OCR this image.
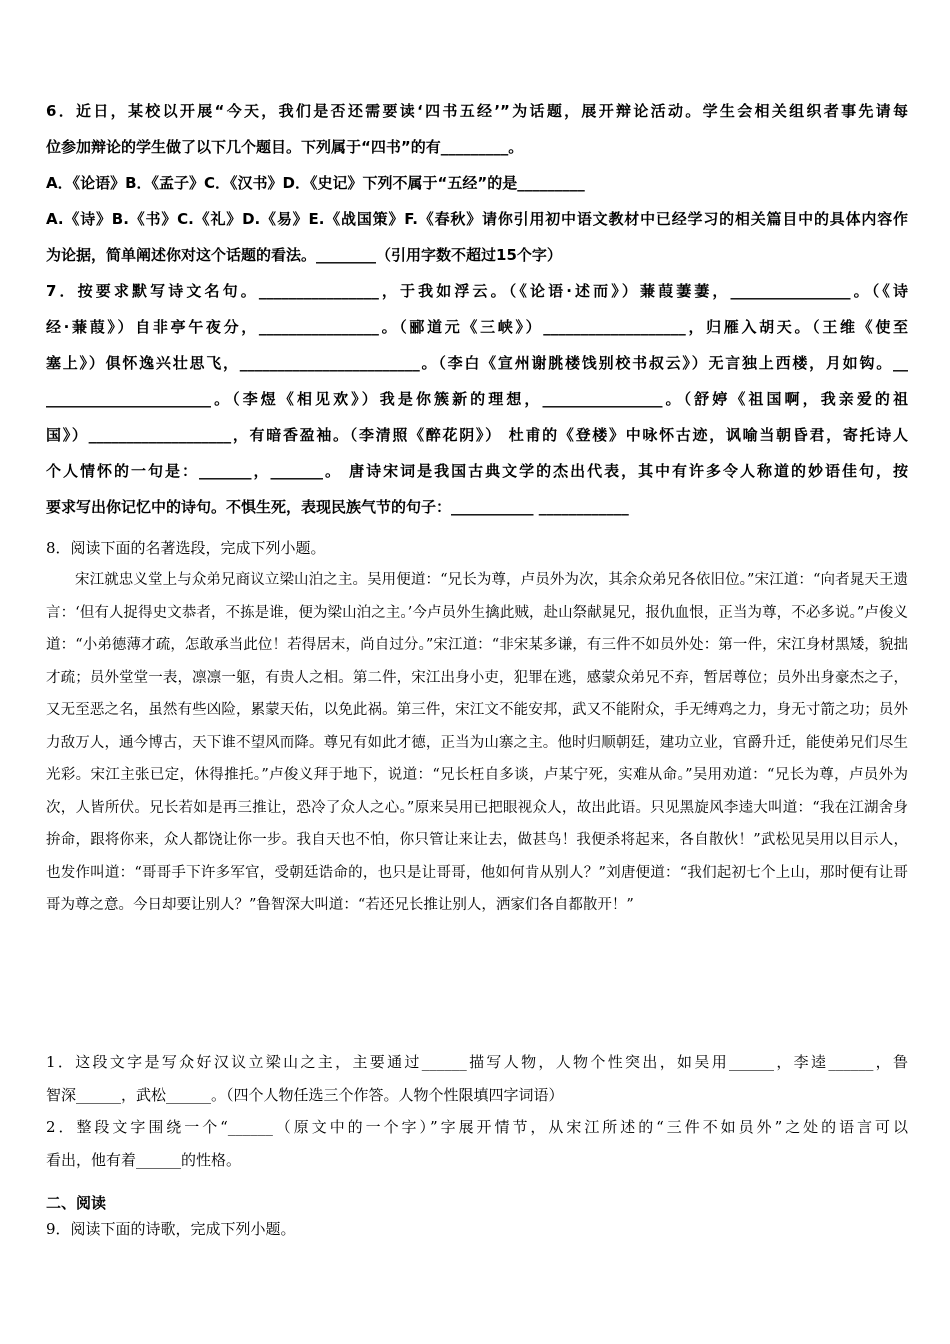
6．近日，某校以开展“今天，我们是否还需要读‘四书五经’”为话题，展开辩论活动。学生会相关组织者事先请每
位参加辩论的学生做了以下几个题目。下列属于“四书”的有_________。
A．《论语》B．《孟子》C．《汉书》D．《史记》下列不属于“五经”的是_________
A.《诗》B.《书》C.《礼》D.《易》E.《战国策》F.《春秋》请你引用初中语文教材中已经学习的相关篇目中的具体内容作
为论据，简单阐述你对这个话题的看法。________（引用字数不超过15个字）
7．按要求默写诗文名句。________________，于我如浮云。（《论语·述而》）蒹葭萋萋，________________。（《诗
经·蒹葭》）自非亭午夜分，________________。（郦道元《三峡》）___________________，归雁入胡天。（王维《使至
塞上》）俱怀逸兴壮思飞，________________________。（李白《宣州谢朓楼饯别校书叔云》）无言独上西楼，月如钩。__
______________________。（李煜《相见欢》）我是你簇新的理想，________________。（舒婷《祖国啊，我亲爱的祖
国》）___________________，有暗香盈袖。（李清照《醉花阴》） 杜甫的《登楼》中咏怀古迹，讽喻当朝昏君，寄托诗人
个人情怀的一句是：_______，_______。 唐诗宋词是我国古典文学的杰出代表，其中有许多令人称道的妙语佳句，按
要求写出你记忆中的诗句。不惧生死，表现民族气节的句子：___________ ____________
8．阅读下面的名著选段，完成下列小题。

宋江就忠义堂上与众弟兄商议立梁山泊之主。吴用便道：“兄长为尊，卢员外为次，其余众弟兄各依旧位。”宋江道：“向者晁天王遗言：‘但有人捉得史文恭者，不拣是谁，便为梁山泊之主。’今卢员外生擒此贼，赴山祭献晁兄，报仇血恨，正当为尊，不必多说。”卢俊义道：“小弟德薄才疏，怎敢承当此位！若得居末，尚自过分。”宋江道：“非宋某多谦，有三件不如员外处：第一件，宋江身材黑矮，貌拙才疏；员外堂堂一表，凛凛一躯，有贵人之相。第二件，宋江出身小吏，犯罪在逃，感蒙众弟兄不弃，暂居尊位；员外出身豪杰之子，又无至恶之名，虽然有些凶险，累蒙天佑，以免此祸。第三件，宋江文不能安邦，武又不能附众，手无缚鸡之力，身无寸箭之功；员外力敌万人，通今博古，天下谁不望风而降。尊兄有如此才德，正当为山寨之主。他时归顺朝廷，建功立业，官爵升迁，能使弟兄们尽生光彩。宋江主张已定，休得推托。”卢俊义拜于地下，说道：“兄长枉自多谈，卢某宁死，实难从命。”吴用劝道：“兄长为尊，卢员外为次，人皆所伏。兄长若如是再三推让，恐冷了众人之心。”原来吴用已把眼视众人，故出此语。只见黑旋风李逵大叫道：“我在江湖舍身拚命，跟将你来，众人都饶让你一步。我自天也不怕，你只管让来让去，做甚鸟！我便杀将起来，各自散伙！”武松见吴用以目示人，也发作叫道：“哥哥手下许多军官，受朝廷诰命的，也只是让哥哥，他如何肯从别人？”刘唐便道：“我们起初七个上山，那时便有让哥哥为尊之意。今日却要让别人？”鲁智深大叫道：“若还兄长推让别人，洒家们各自都散开！”

1．这段文字是写众好汉议立梁山之主，主要通过______描写人物，人物个性突出，如吴用______，李逵______，鲁
智深______，武松______。（四个人物任选三个作答。人物个性限填四字词语）
2．整段文字围绕一个“______（原文中的一个字）”字展开情节，从宋江所述的“三件不如员外”之处的语言可以
看出，他有着______的性格。
二、阅读
9．阅读下面的诗歌，完成下列小题。
